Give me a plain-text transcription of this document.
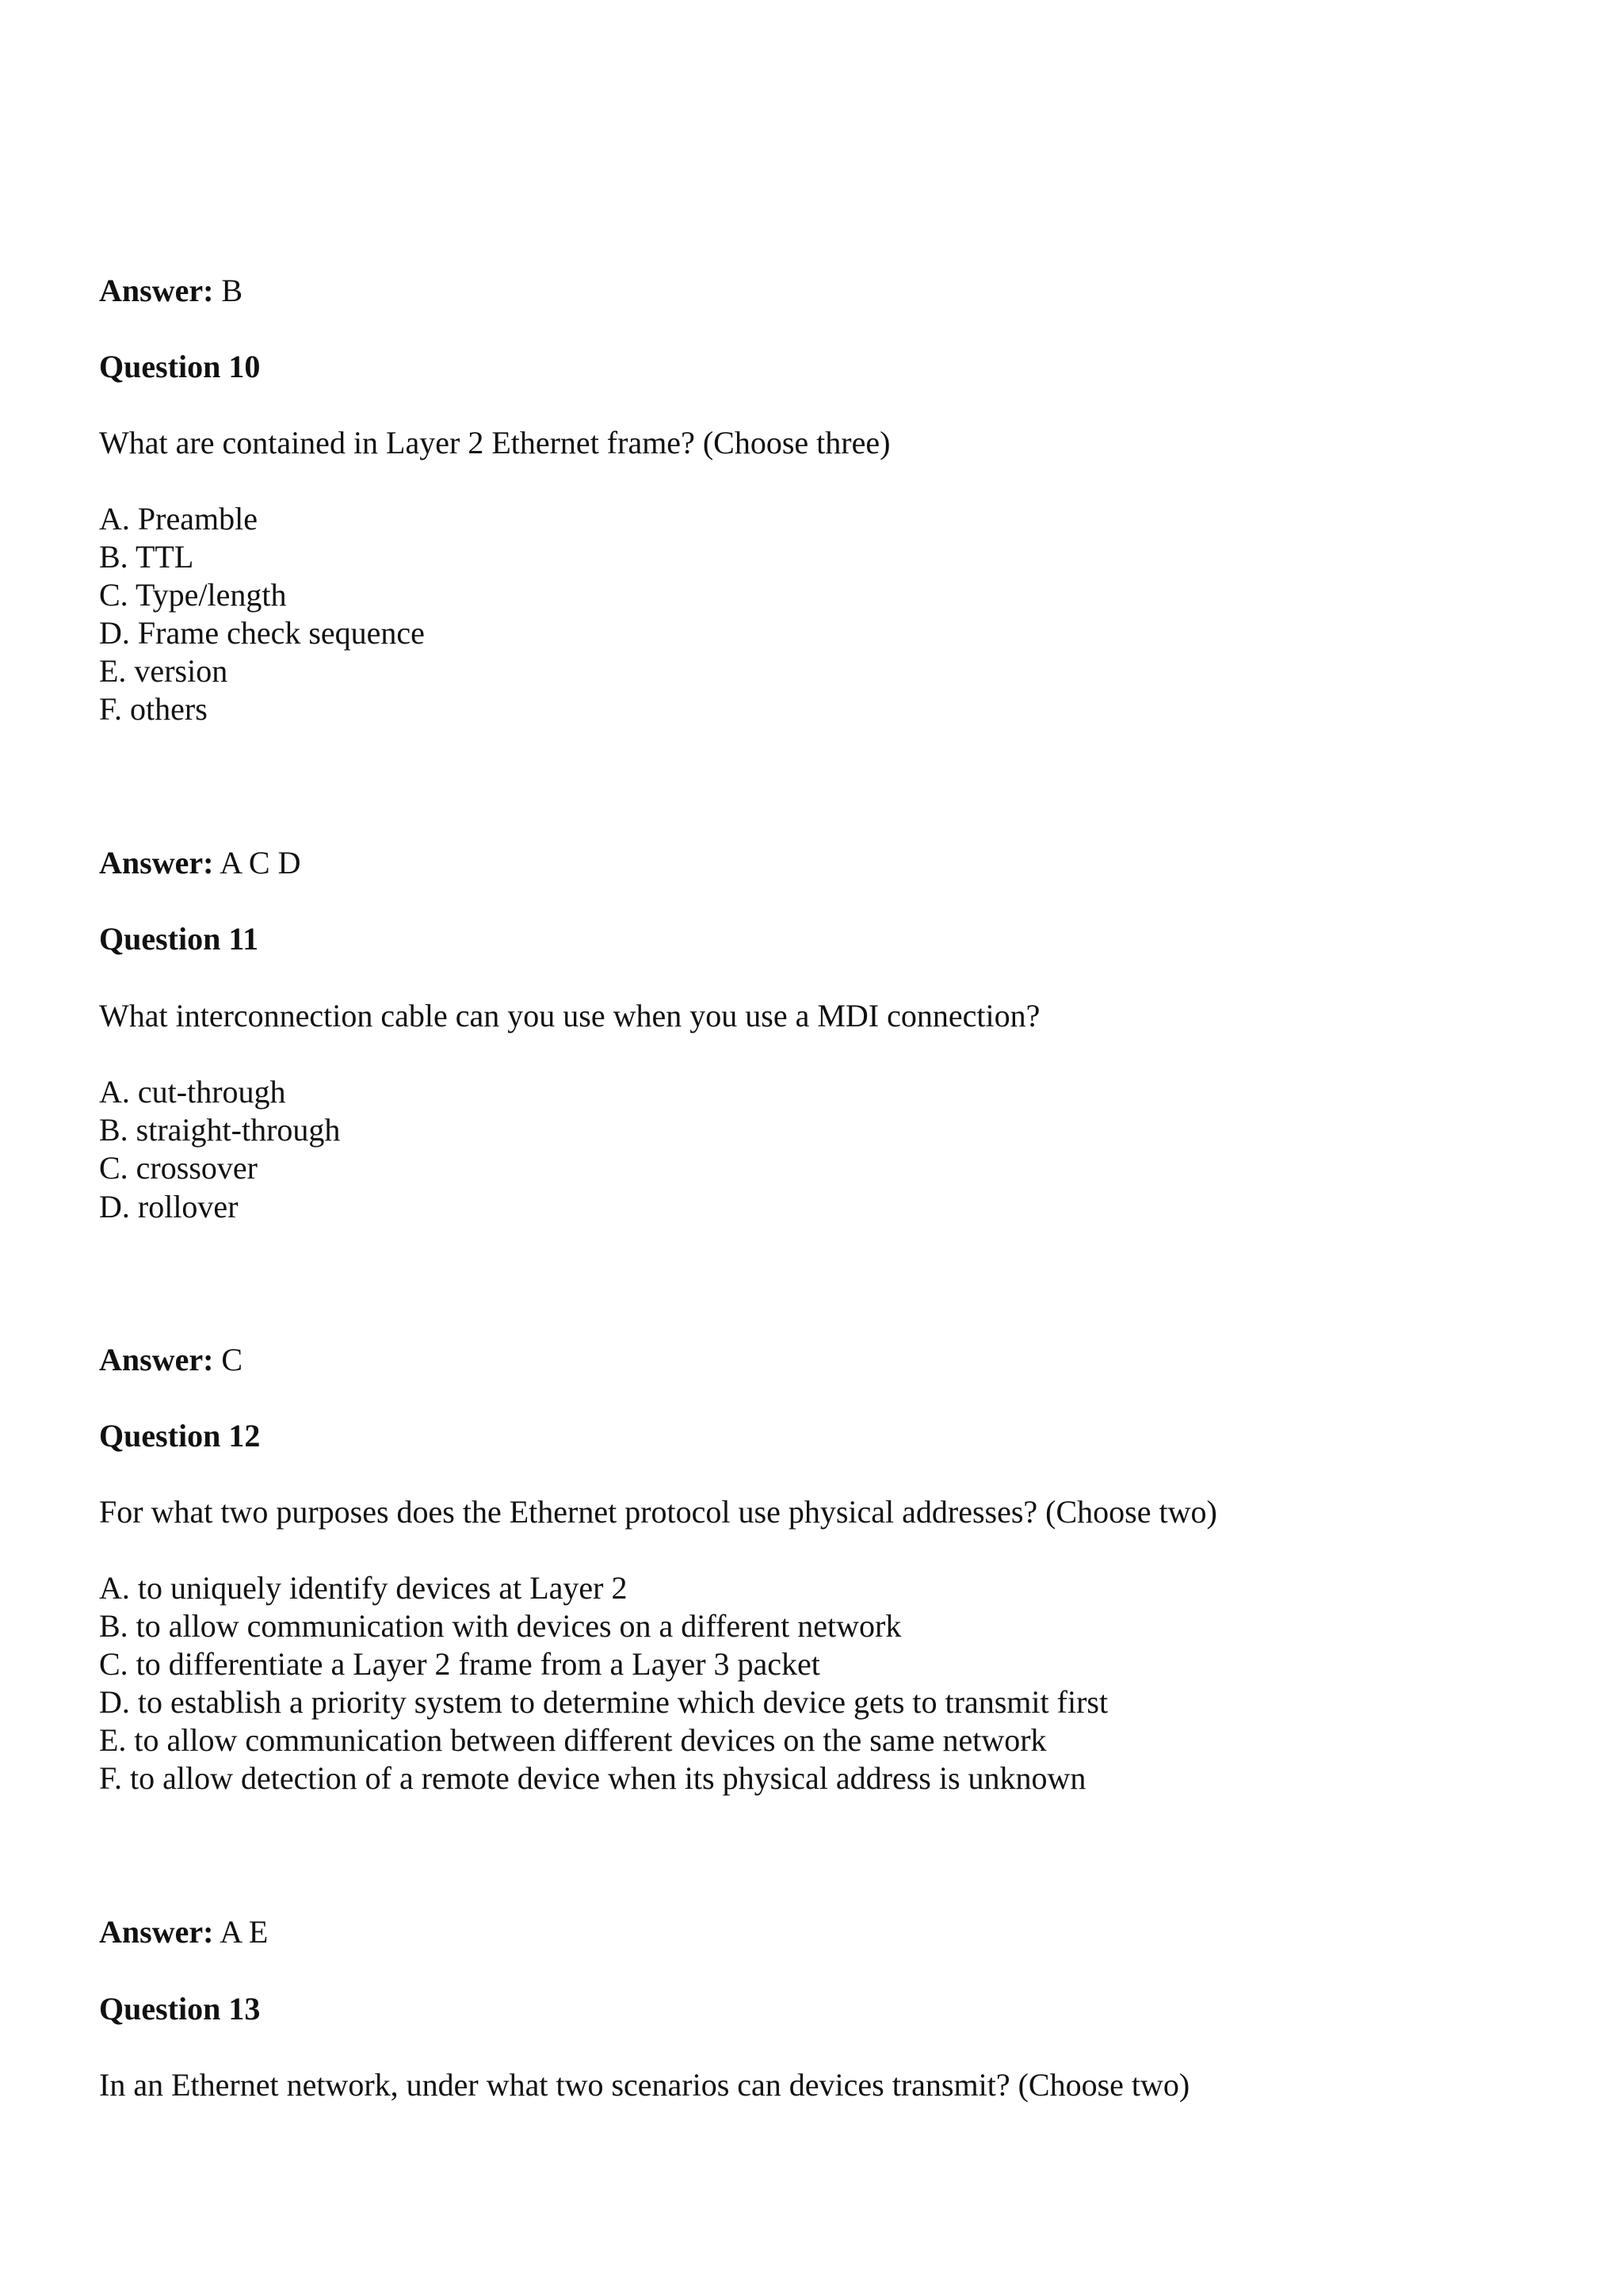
Answer: B
Question 10
What are contained in Layer 2 Ethernet frame? (Choose three)
A. Preamble
B. TTL
C. Type/length
D. Frame check sequence
E. version
F. others
Answer: A C D
Question 11
What interconnection cable can you use when you use a MDI connection?
A. cut-through
B. straight-through
C. crossover
D. rollover
Answer: C
Question 12
For what two purposes does the Ethernet protocol use physical addresses? (Choose two)
A. to uniquely identify devices at Layer 2
B. to allow communication with devices on a different network
C. to differentiate a Layer 2 frame from a Layer 3 packet
D. to establish a priority system to determine which device gets to transmit first
E. to allow communication between different devices on the same network
F. to allow detection of a remote device when its physical address is unknown
Answer: A E
Question 13
In an Ethernet network, under what two scenarios can devices transmit? (Choose two)
